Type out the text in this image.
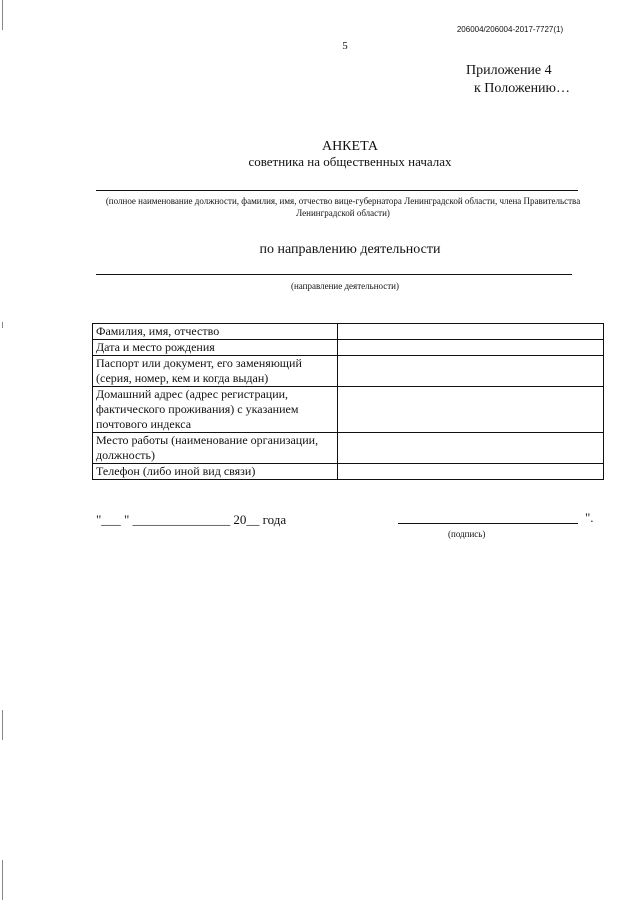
206004/206004-2017-7727(1)
5
Приложение 4
к Положению…
АНКЕТА
советника на общественных началах
(полное наименование должности, фамилия, имя, отчество вице-губернатора Ленинградской области, члена Правительства Ленинградской области)
по направлению деятельности
(направление деятельности)
Фамилия, имя, отчество	
Дата и место рождения	
Паспорт или документ, его заменяющий (серия, номер, кем и когда выдан)	
Домашний адрес (адрес регистрации, фактического проживания) с указанием почтового индекса	
Место работы (наименование организации, должность)	
Телефон (либо иной вид связи)	
"___ " _______________ 20__ года	".
(подпись)
